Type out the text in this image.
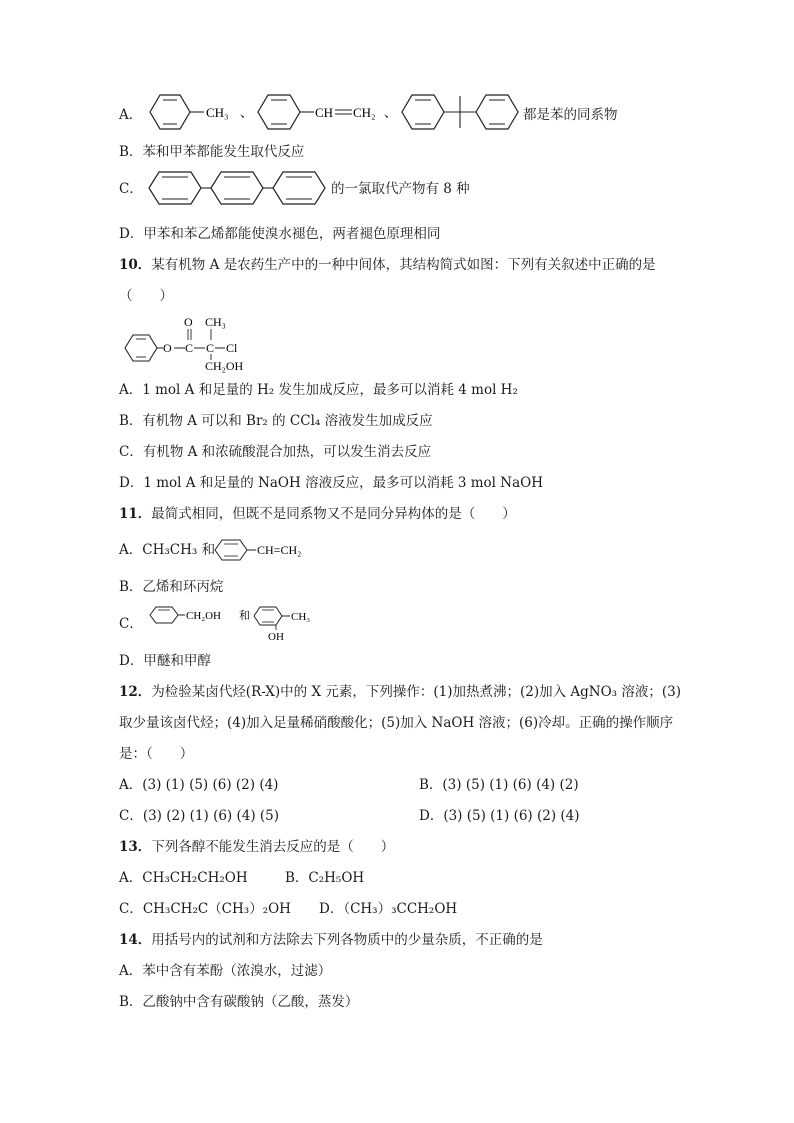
A．	CH₃ 、	CH CH₂ 、	都是苯的同系物
B．苯和甲苯都能发生取代反应
C．	的一氯取代产物有 8 种
D．甲苯和苯乙烯都能使溴水褪色，两者褪色原理相同
10．某有机物 A 是农药生产中的一种中间体，其结构简式如图：下列有关叙述中正确的是
（　　）
O C
O
C
CH₃
Cl
CH₂OH
A．1 mol A 和足量的 H₂ 发生加成反应，最多可以消耗 4 mol H₂
B．有机物 A 可以和 Br₂ 的 CCl₄ 溶液发生加成反应
C．有机物 A 和浓硫酸混合加热，可以发生消去反应
D．1 mol A 和足量的 NaOH 溶液反应，最多可以消耗 3 mol NaOH
11．最简式相同，但既不是同系物又不是同分异构体的是（　　）
A．CH₃CH₃ 和	CH=CH₂
B．乙烯和环丙烷
C．	CH₂OH 和	CH₃
OH
D．甲醚和甲醇
12．为检验某卤代烃(R-X)中的 X 元素，下列操作：(1)加热煮沸；(2)加入 AgNO₃ 溶液；(3)
取少量该卤代烃；(4)加入足量稀硝酸酸化；(5)加入 NaOH 溶液；(6)冷却。正确的操作顺序
是：（　　）
A．(3) (1) (5) (6) (2) (4)	B．(3) (5) (1) (6) (4) (2)
C．(3) (2) (1) (6) (4) (5)	D．(3) (5) (1) (6) (2) (4)
13．下列各醇不能发生消去反应的是（　　）
A．CH₃CH₂CH₂OH	B．C₂H₅OH
C．CH₃CH₂C（CH₃）₂OH D．（CH₃）₃CCH₂OH
14．用括号内的试剂和方法除去下列各物质中的少量杂质，不正确的是
A．苯中含有苯酚（浓溴水，过滤）
B．乙酸钠中含有碳酸钠（乙酸，蒸发）
